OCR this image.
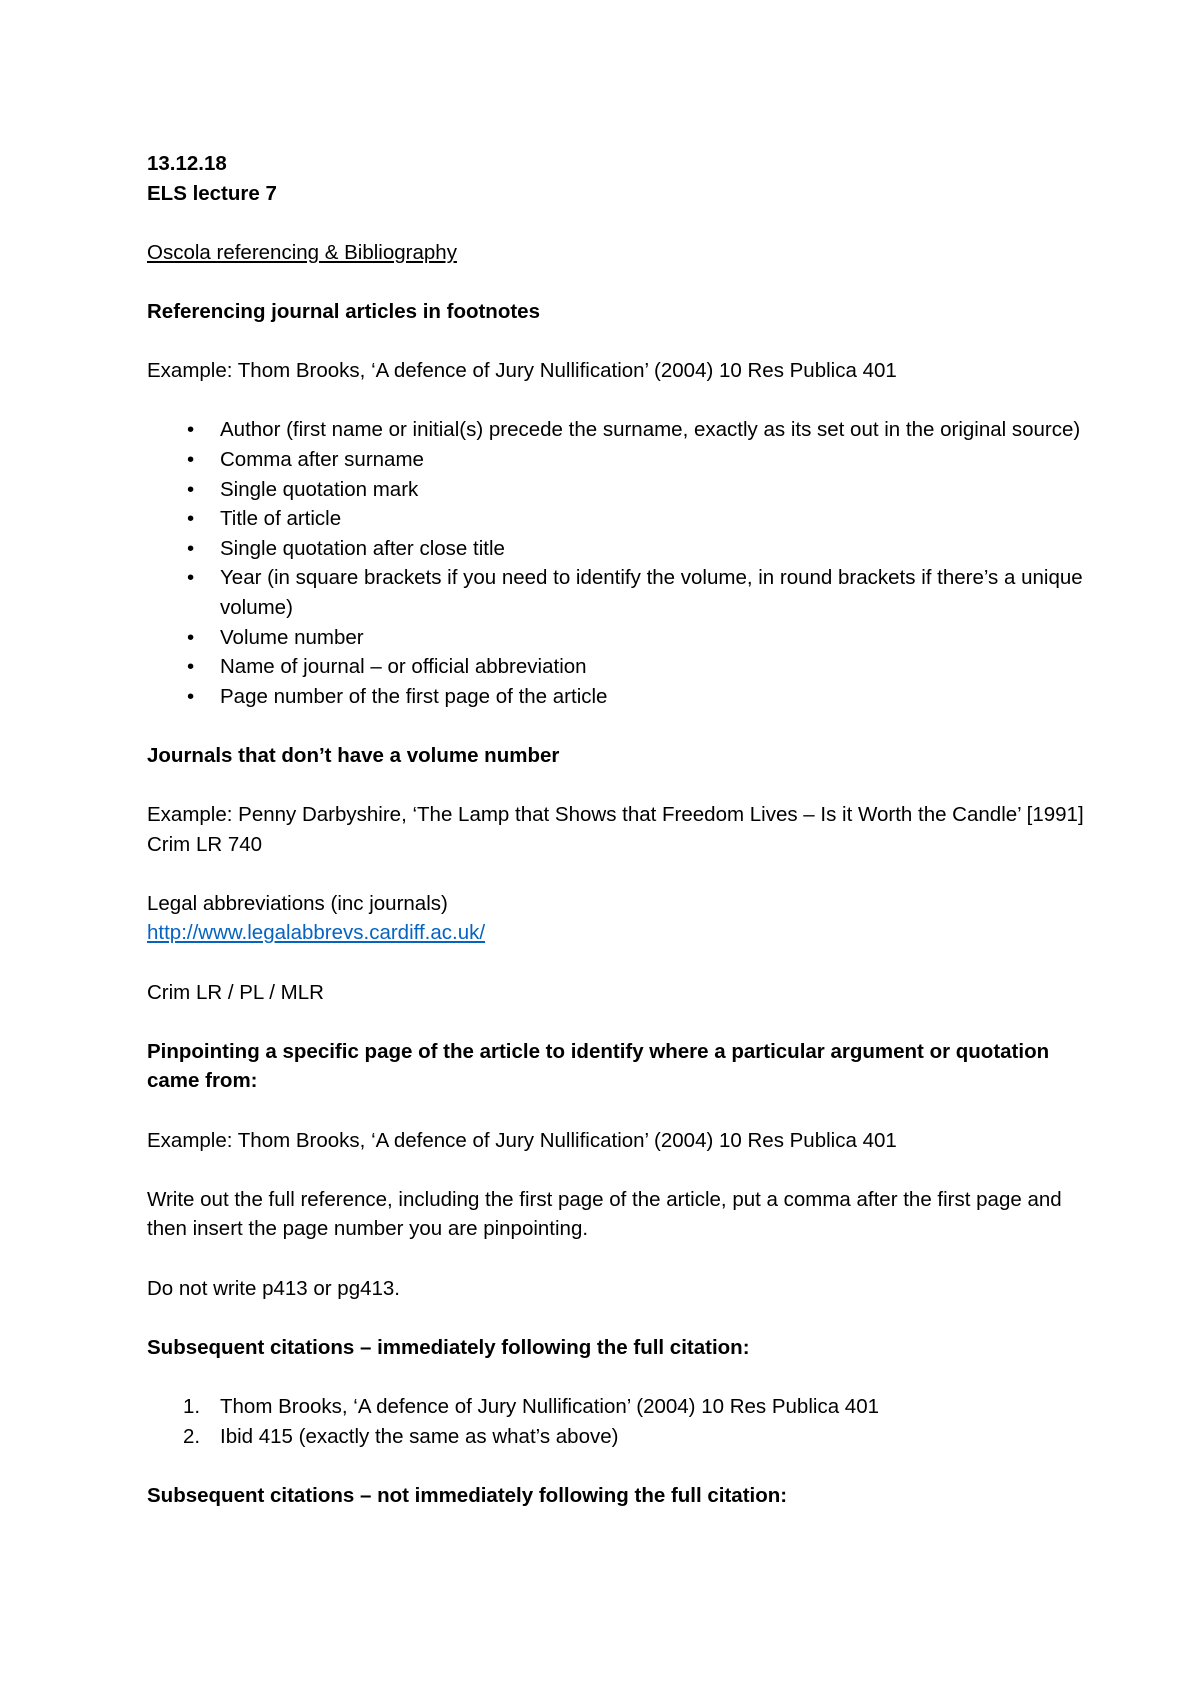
13.12.18

ELS lecture 7

Oscola referencing & Bibliography

Referencing journal articles in footnotes

Example: Thom Brooks, ‘A defence of Jury Nullification’ (2004) 10 Res Publica 401

• Author (first name or initial(s) precede the surname, exactly as its set out in the original source)
• Comma after surname
• Single quotation mark
• Title of article
• Single quotation after close title
• Year (in square brackets if you need to identify the volume, in round brackets if there’s a unique volume)
• Volume number
• Name of journal – or official abbreviation
• Page number of the first page of the article

Journals that don’t have a volume number

Example: Penny Darbyshire, ‘The Lamp that Shows that Freedom Lives – Is it Worth the Candle’ [1991] Crim LR 740

Legal abbreviations (inc journals)

http://www.legalabbrevs.cardiff.ac.uk/

Crim LR / PL / MLR

Pinpointing a specific page of the article to identify where a particular argument or quotation came from:

Example: Thom Brooks, ‘A defence of Jury Nullification’ (2004) 10 Res Publica 401

Write out the full reference, including the first page of the article, put a comma after the first page and then insert the page number you are pinpointing.

Do not write p413 or pg413.

Subsequent citations – immediately following the full citation:

1. Thom Brooks, ‘A defence of Jury Nullification’ (2004) 10 Res Publica 401
2. Ibid 415 (exactly the same as what’s above)

Subsequent citations – not immediately following the full citation:
